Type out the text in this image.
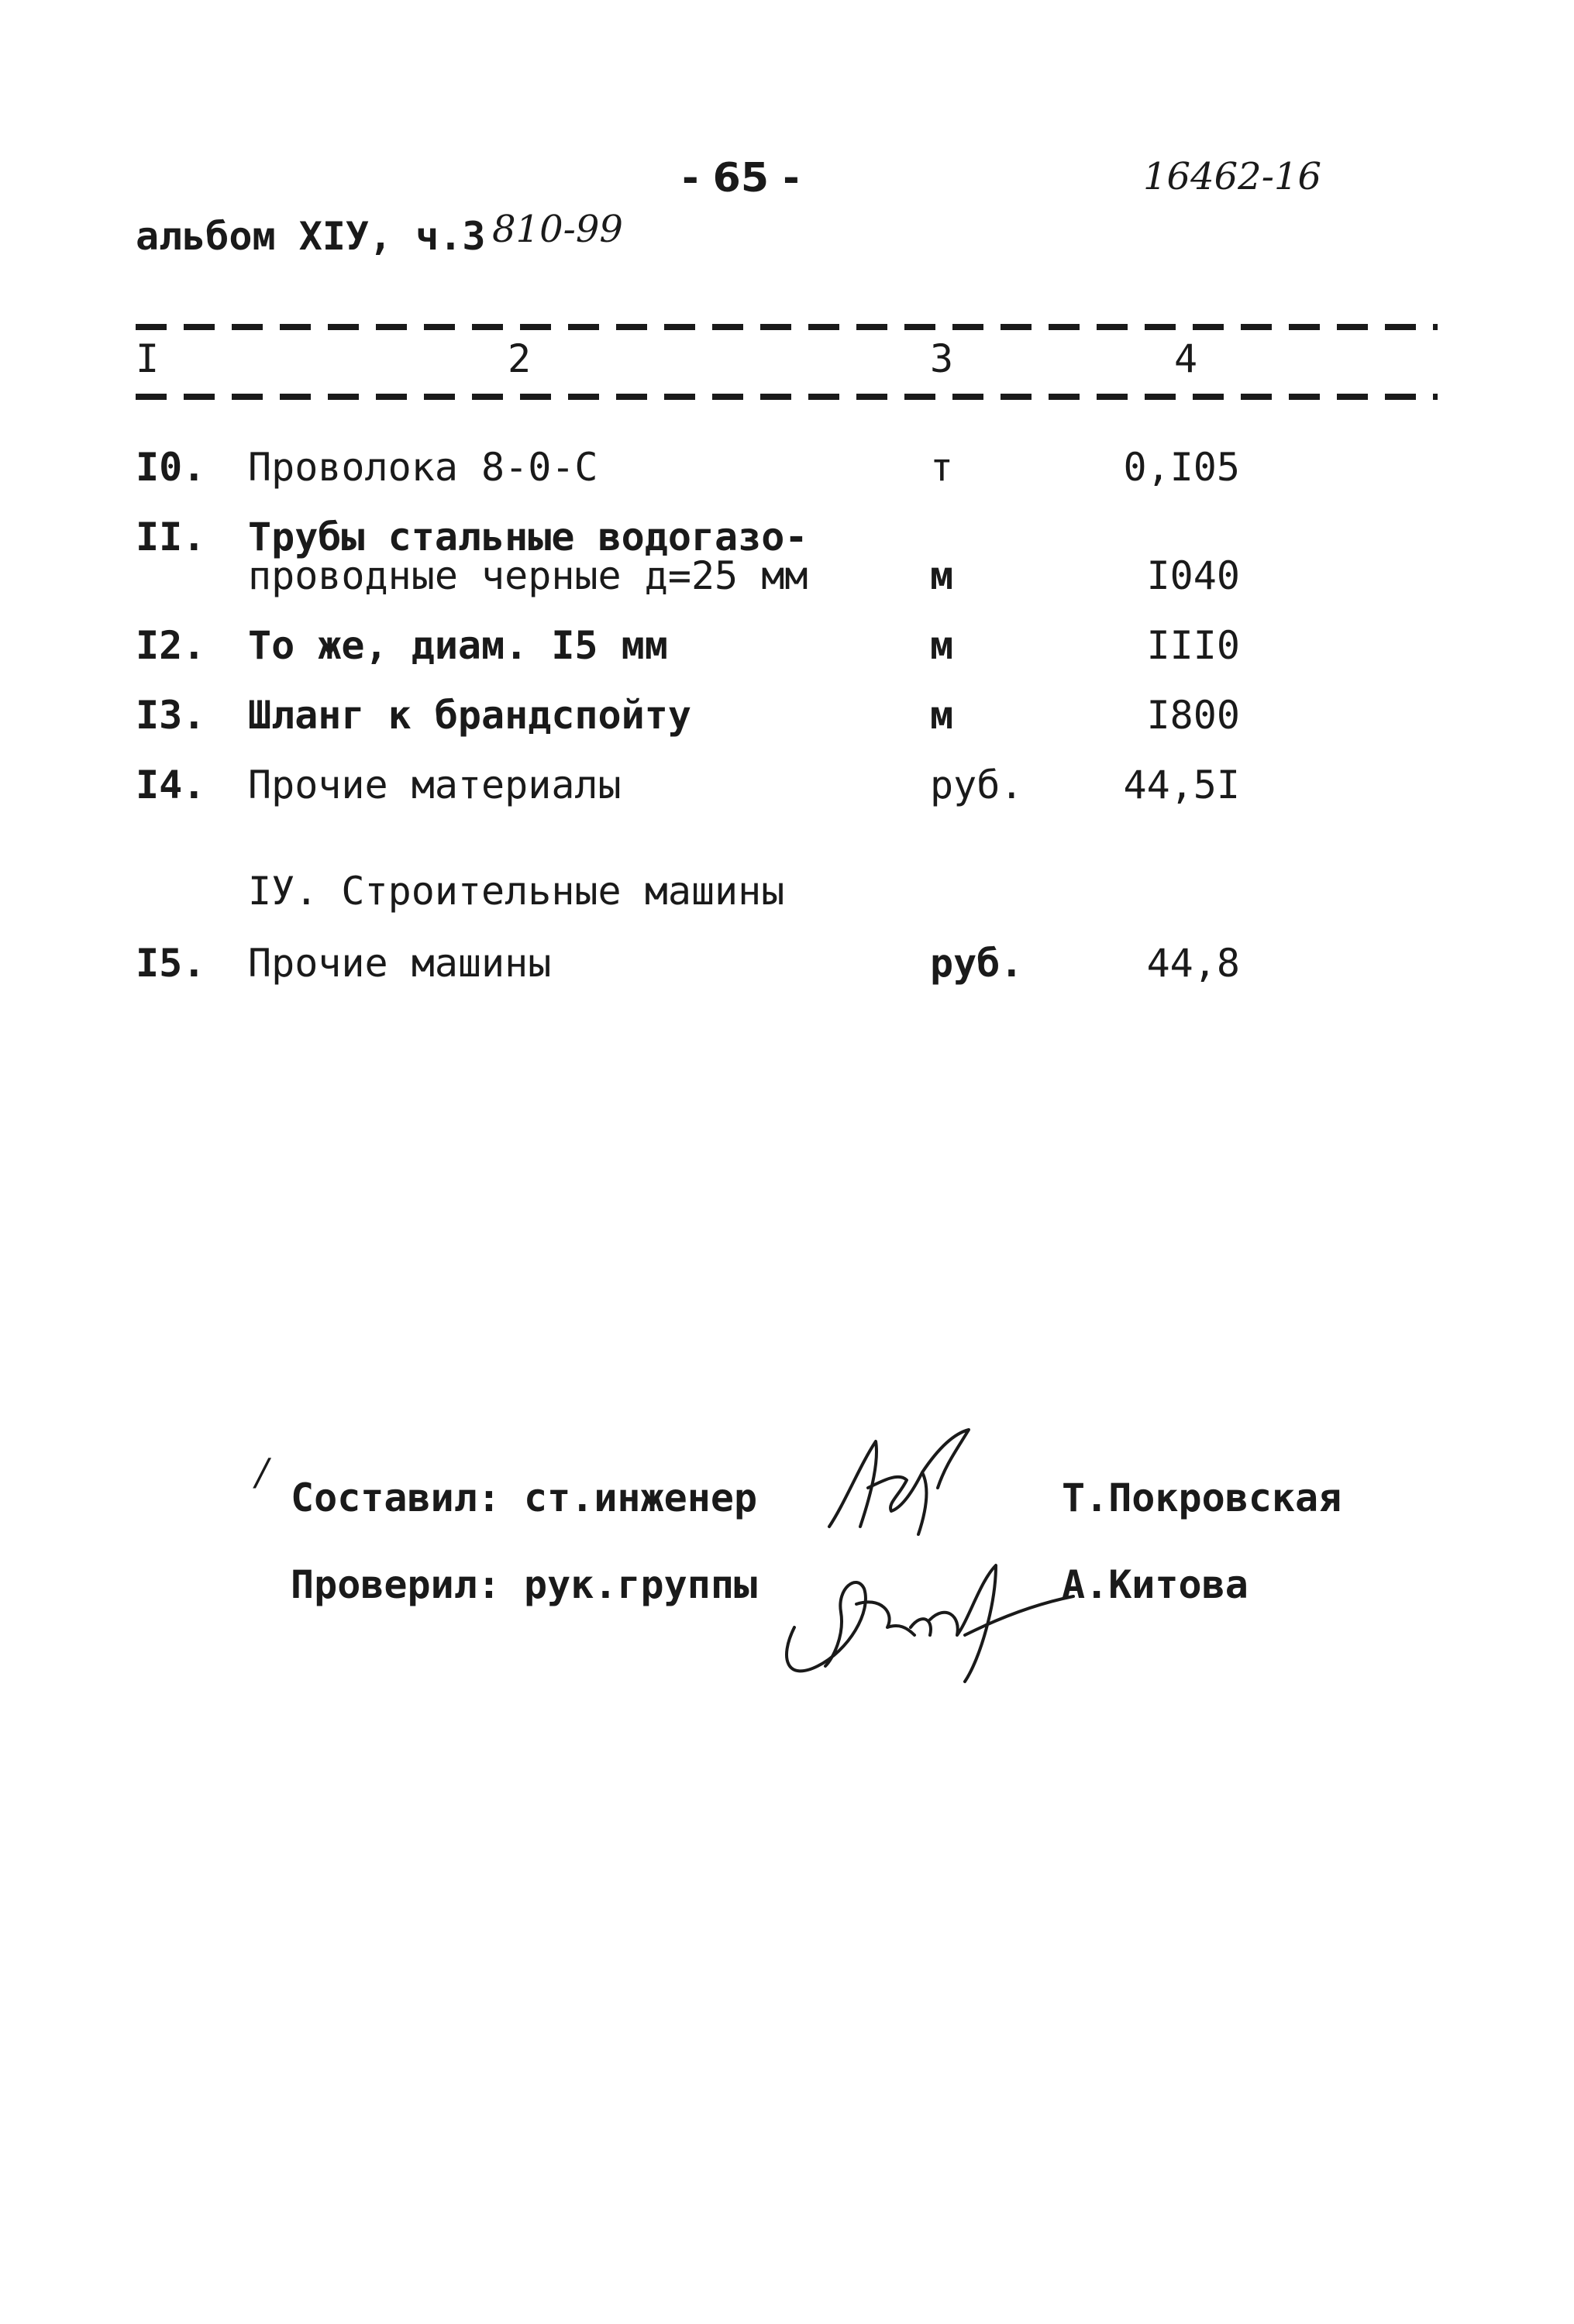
- 65 -	16462-16
альбом XIУ, ч.3 810-99
I	2	3	4
I0. Проволока 8-0-С	т	0,I05
II. Трубы стальные водогазо-
проводные черные д=25 мм	м	I040
I2. То же, диам. I5 мм	м	III0
I3. Шланг к брандспойту	м	I800
I4. Прочие материалы	руб.	44,5I
IУ. Строительные машины
I5. Прочие машины	руб.	44,8
/
Составил: ст.инженер	Т.Покровская
Проверил: рук.группы	А.Китова
